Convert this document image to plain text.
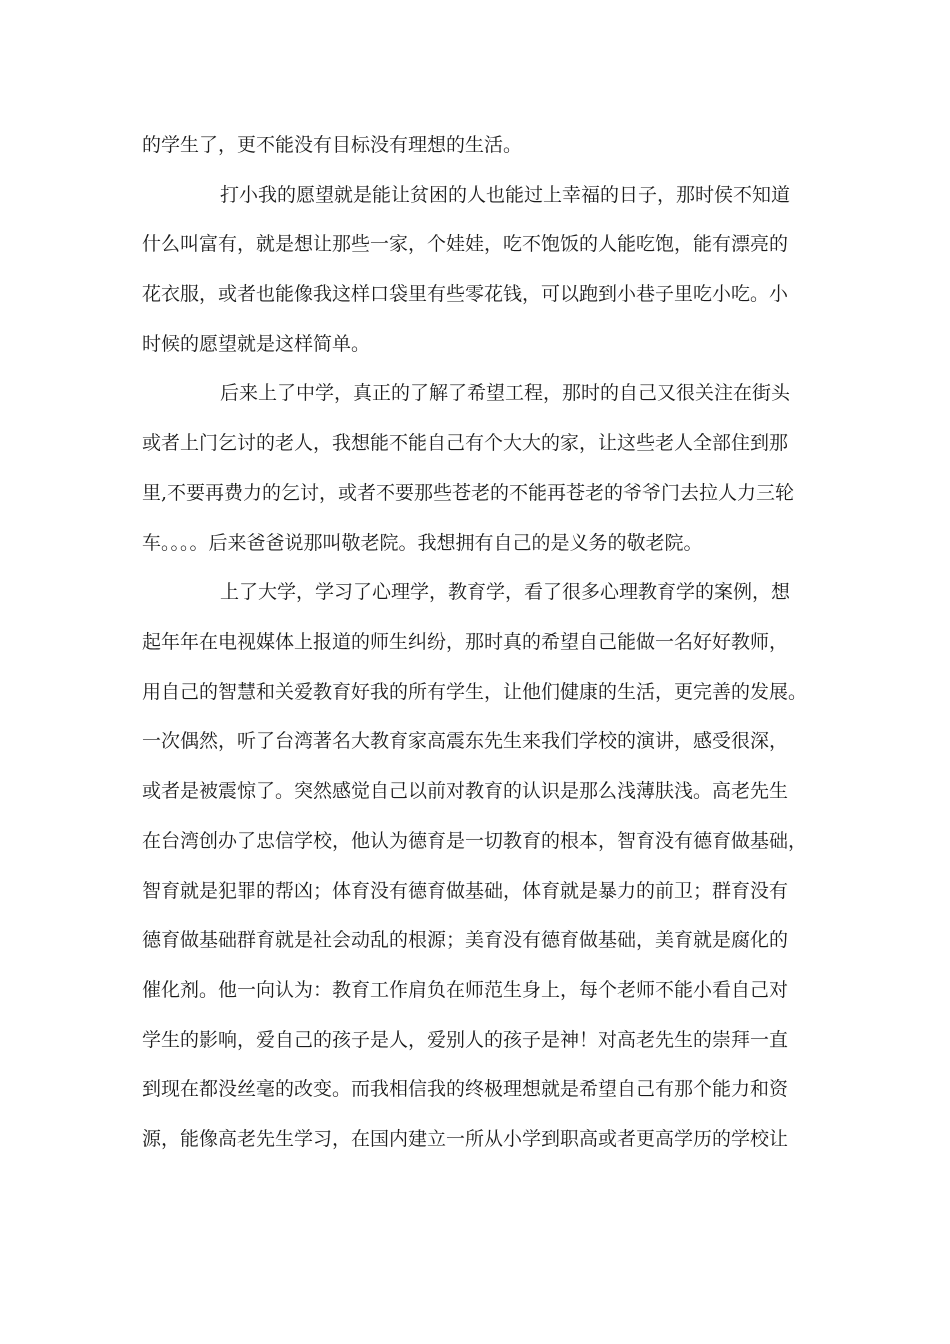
的学生了，更不能没有目标没有理想的生活。
打小我的愿望就是能让贫困的人也能过上幸福的日子，那时侯不知道
什么叫富有，就是想让那些一家，个娃娃，吃不饱饭的人能吃饱，能有漂亮的
花衣服，或者也能像我这样口袋里有些零花钱，可以跑到小巷子里吃小吃。小
时候的愿望就是这样简单。
后来上了中学，真正的了解了希望工程，那时的自己又很关注在街头
或者上门乞讨的老人，我想能不能自己有个大大的家，让这些老人全部住到那
里,不要再费力的乞讨，或者不要那些苍老的不能再苍老的爷爷门去拉人力三轮
车。。。。后来爸爸说那叫敬老院。我想拥有自己的是义务的敬老院。
上了大学，学习了心理学，教育学，看了很多心理教育学的案例，想
起年年在电视媒体上报道的师生纠纷，那时真的希望自己能做一名好好教师，
用自己的智慧和关爱教育好我的所有学生，让他们健康的生活，更完善的发展。
一次偶然，听了台湾著名大教育家高震东先生来我们学校的演讲，感受很深，
或者是被震惊了。突然感觉自己以前对教育的认识是那么浅薄肤浅。高老先生
在台湾创办了忠信学校，他认为德育是一切教育的根本，智育没有德育做基础，
智育就是犯罪的帮凶；体育没有德育做基础，体育就是暴力的前卫；群育没有
德育做基础群育就是社会动乱的根源；美育没有德育做基础，美育就是腐化的
催化剂。他一向认为：教育工作肩负在师范生身上，每个老师不能小看自己对
学生的影响，爱自己的孩子是人，爱别人的孩子是神！对高老先生的崇拜一直
到现在都没丝毫的改变。而我相信我的终极理想就是希望自己有那个能力和资
源，能像高老先生学习，在国内建立一所从小学到职高或者更高学历的学校让
